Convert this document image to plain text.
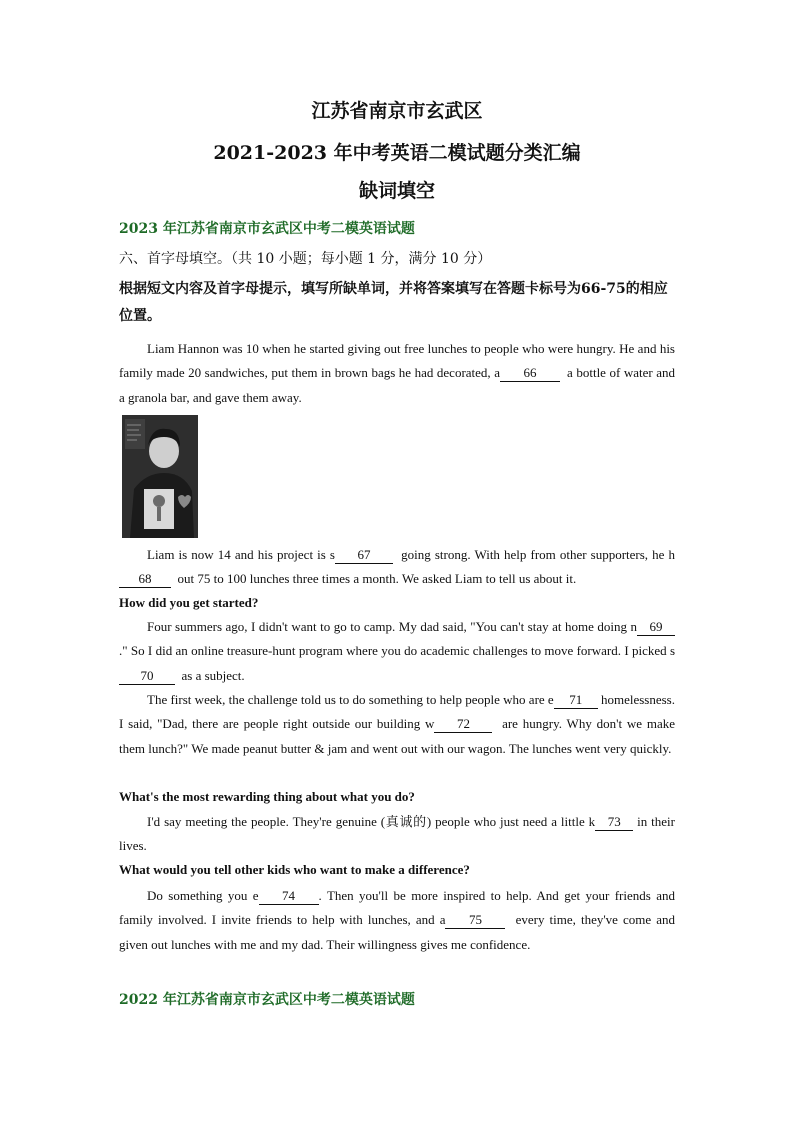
江苏省南京市玄武区
2021-2023 年中考英语二模试题分类汇编
缺词填空
2023 年江苏省南京市玄武区中考二模英语试题
六、首字母填空。（共 10 小题；每小题 1 分，满分 10 分）
根据短文内容及首字母提示，填写所缺单词，并将答案填写在答题卡标号为66-75的相应位置。
Liam Hannon was 10 when he started giving out free lunches to people who were hungry. He and his family made 20 sandwiches, put them in brown bags he had decorated, a 66 a bottle of water and a granola bar, and gave them away.
Liam is now 14 and his project is s 67 going strong. With help from other supporters, he h68 out 75 to 100 lunches three times a month. We asked Liam to tell us about it.
How did you get started?
Four summers ago, I didn't want to go to camp. My dad said, "You can't stay at home doing n 69." So I did an online treasure-hunt program where you do academic challenges to move forward. I picked s70 as a subject.
The first week, the challenge told us to do something to help people who are e 71 homelessness. I said, "Dad, there are people right outside our building w 72 are hungry. Why don't we make them lunch?" We made peanut butter & jam and went out with our wagon. The lunches went very quickly.
What's the most rewarding thing about what you do?
I'd say meeting the people. They're genuine (真诚的) people who just need a little k 73 in their lives.
What would you tell other kids who want to make a difference?
Do something you e 74 . Then you'll be more inspired to help. And get your friends and family involved. I invite friends to help with lunches, and a 75	every time, they've come and given out lunches with me and my dad. Their willingness gives me confidence.
2022 年江苏省南京市玄武区中考二模英语试题
